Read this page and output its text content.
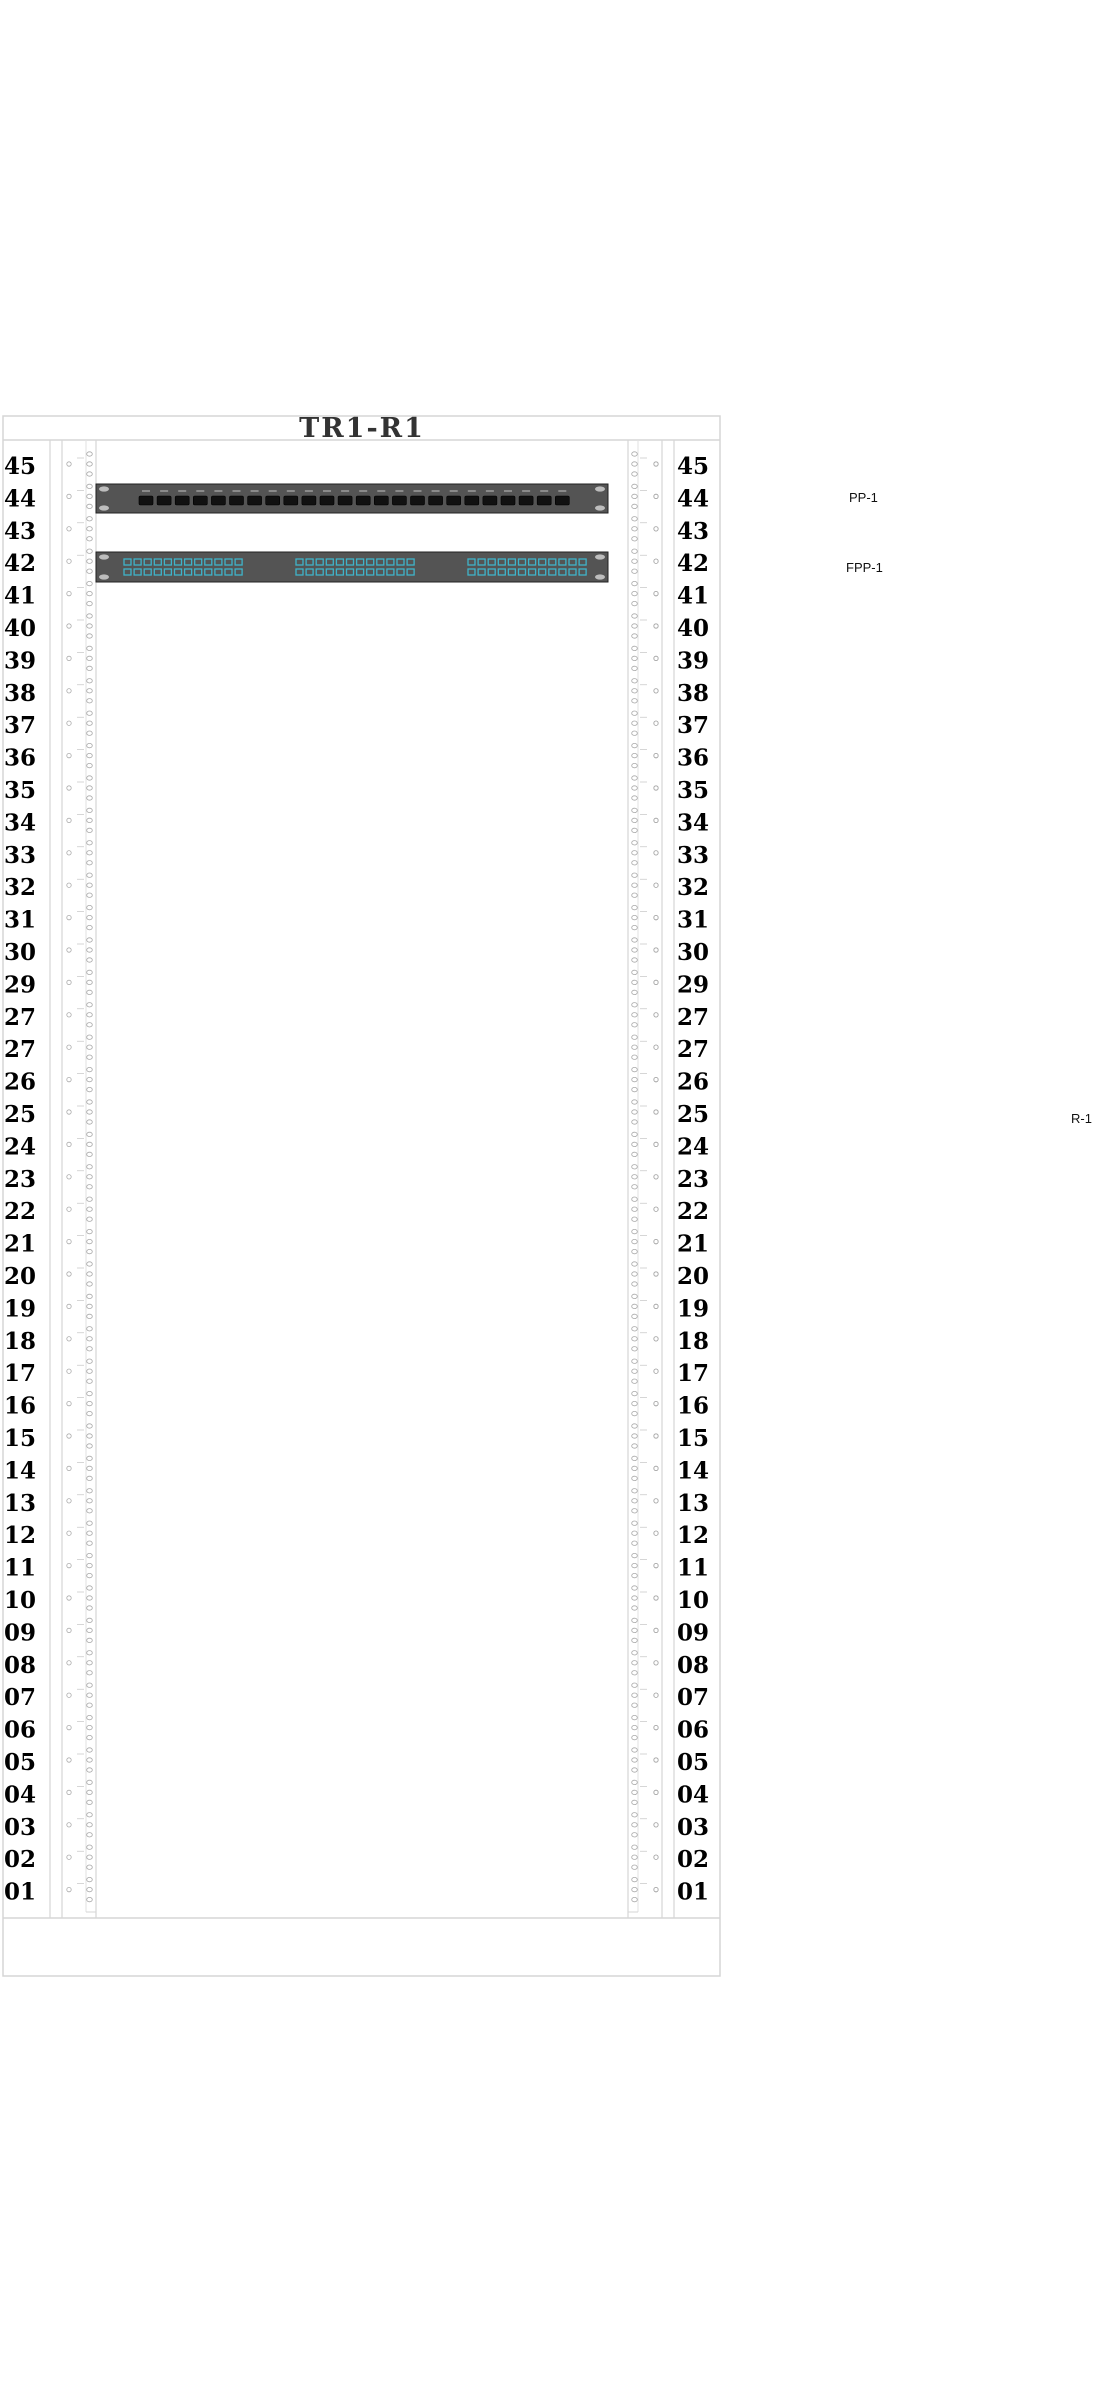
TR1-R1
45
44
43
42
41
40
39
38
37
36
35
34
33
32
31
30
29
27
27
26
25
24
23
22
21
20
19
18
17
16
15
14
13
12
11
10
09
08
07
06
05
04
03
02
01
45
44
43
42
41
40
39
38
37
36
35
34
33
32
31
30
29
27
27
26
25
24
23
22
21
20
19
18
17
16
15
14
13
12
11
10
09
08
07
06
05
04
03
02
01
PP-1
FPP-1
R-1
